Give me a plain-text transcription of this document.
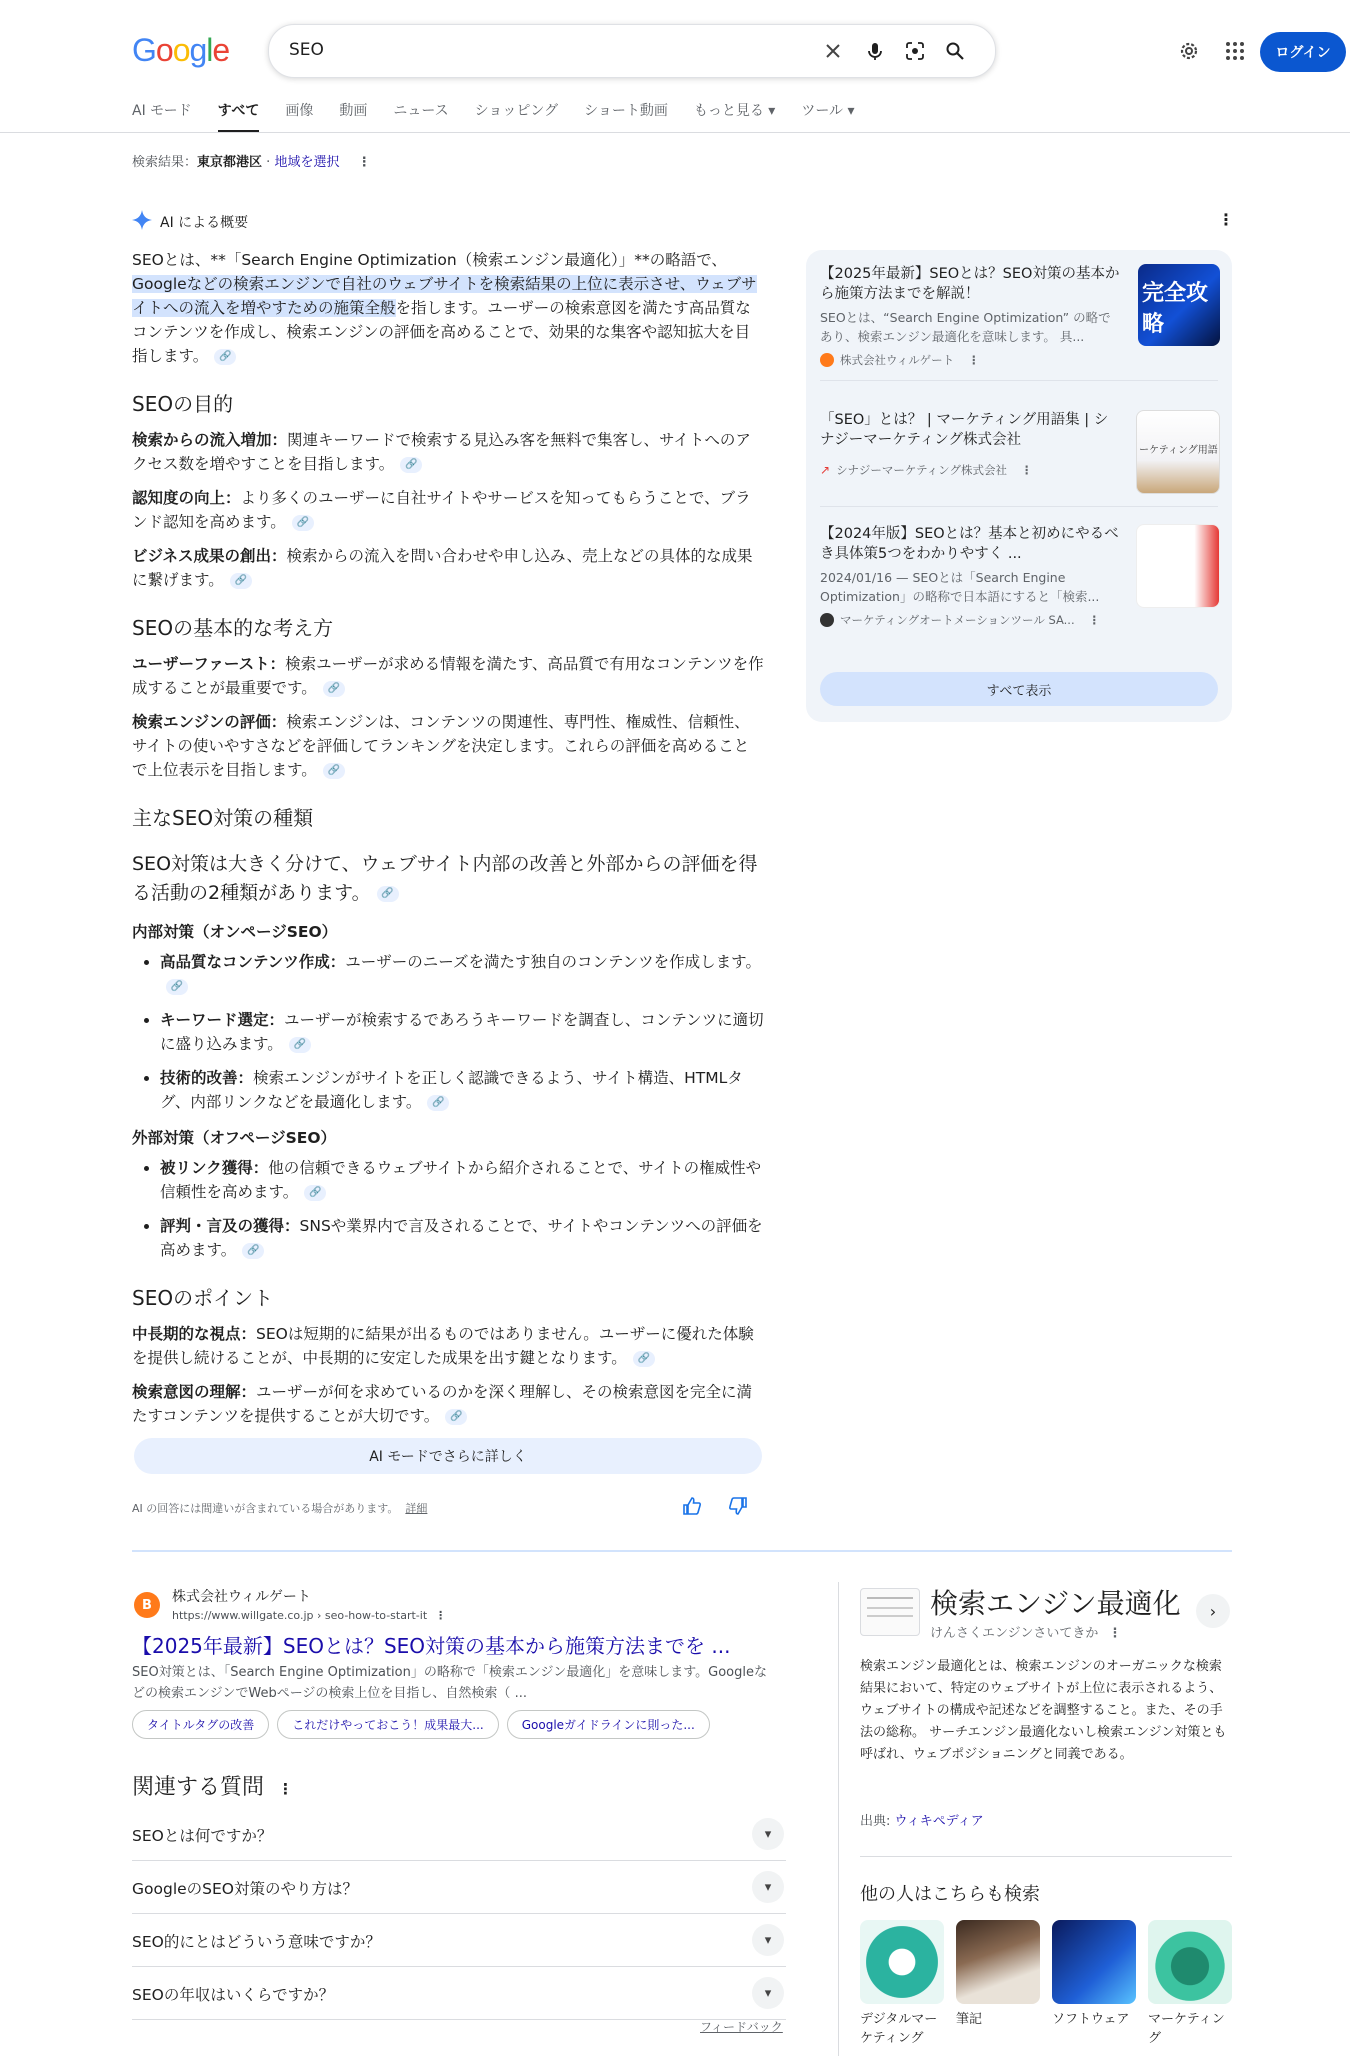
Google	SEO	ログイン
AI モード すべて 画像 動画 ニュース ショッピング ショート動画 もっと見る ▾ ツール ▾
検索結果：東京都港区 · 地域を選択 ⋮
AI による概要	⋮

SEOとは、**「Search Engine Optimization（検索エンジン最適化）」**の略語で、Googleなどの検索エンジンで自社のウェブサイトを検索結果の上位に表示させ、ウェブサイトへの流入を増やすための施策全般を指します。ユーザーの検索意図を満たす高品質なコンテンツを作成し、検索エンジンの評価を高めることで、効果的な集客や認知拡大を目指します。 🔗

SEOの目的

検索からの流入増加：関連キーワードで検索する見込み客を無料で集客し、サイトへのアクセス数を増やすことを目指します。 🔗

認知度の向上：より多くのユーザーに自社サイトやサービスを知ってもらうことで、ブランド認知を高めます。 🔗

ビジネス成果の創出：検索からの流入を問い合わせや申し込み、売上などの具体的な成果に繋げます。 🔗

SEOの基本的な考え方

ユーザーファースト：検索ユーザーが求める情報を満たす、高品質で有用なコンテンツを作成することが最重要です。 🔗

検索エンジンの評価：検索エンジンは、コンテンツの関連性、専門性、権威性、信頼性、サイトの使いやすさなどを評価してランキングを決定します。これらの評価を高めることで上位表示を目指します。 🔗

主なSEO対策の種類
SEO対策は大きく分けて、ウェブサイト内部の改善と外部からの評価を得る活動の2種類があります。 🔗
内部対策（オンページSEO）
• 高品質なコンテンツ作成：ユーザーのニーズを満たす独自のコンテンツを作成します。🔗
• キーワード選定：ユーザーが検索するであろうキーワードを調査し、コンテンツに適切に盛り込みます。 🔗
• 技術的改善：検索エンジンがサイトを正しく認識できるよう、サイト構造、HTMLタグ、内部リンクなどを最適化します。 🔗
外部対策（オフページSEO）
• 被リンク獲得：他の信頼できるウェブサイトから紹介されることで、サイトの権威性や信頼性を高めます。 🔗
• 評判・言及の獲得：SNSや業界内で言及されることで、サイトやコンテンツへの評価を高めます。 🔗
SEOのポイント

中長期的な視点：SEOは短期的に結果が出るものではありません。ユーザーに優れた体験を提供し続けることが、中長期的に安定した成果を出す鍵となります。 🔗

検索意図の理解：ユーザーが何を求めているのかを深く理解し、その検索意図を完全に満たすコンテンツを提供することが大切です。 🔗

AI モードでさらに詳しく
AI の回答には間違いが含まれている場合があります。 詳細
【2025年最新】SEOとは？SEO対策の基本から施策方法までを解説！
SEOとは、“Search Engine Optimization” の略であり、検索エンジン最適化を意味します。 具...
株式会社ウィルゲート ⋮
完全攻略
「SEO」とは？ | マーケティング用語集 | シナジーマーケティング株式会社
↗ シナジーマーケティング株式会社 ⋮
ーケティング用語
【2024年版】SEOとは？基本と初めにやるべき具体策5つをわかりやすく ...
2024/01/16 — SEOとは「Search Engine Optimization」の略称で日本語にすると「検索...
マーケティングオートメーションツール SA... ⋮
すべて表示
B	株式会社ウィルゲート
https://www.willgate.co.jp › seo-how-to-start-it ⋮
【2025年最新】SEOとは？SEO対策の基本から施策方法までを ...
SEO対策とは、「Search Engine Optimization」の略称で「検索エンジン最適化」を意味します。Googleなどの検索エンジンでWebページの検索上位を目指し、自然検索（ ...
タイトルタグの改善	これだけやっておこう！成果最大...	Googleガイドラインに則った...
関連する質問 ⋮
SEOとは何ですか？	▾
GoogleのSEO対策のやり方は？	▾
SEO的にとはどういう意味ですか？	▾
SEOの年収はいくらですか？	▾
フィードバック
検索エンジン最適化
けんさくエンジンさいてきか ⋮
›
検索エンジン最適化とは、検索エンジンのオーガニックな検索結果において、特定のウェブサイトが上位に表示されるよう、ウェブサイトの構成や記述などを調整すること。また、その手法の総称。 サーチエンジン最適化ないし検索エンジン対策とも呼ばれ、ウェブポジショニングと同義である。
出典: ウィキペディア
他の人はこちらも検索
デジタルマーケティング
筆記	ソフトウェア	マーケティング
